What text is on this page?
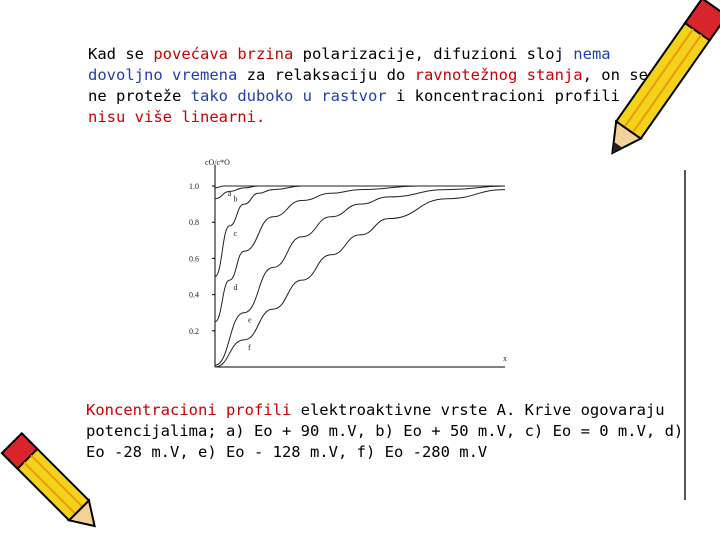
Kad se povećava brzina polarizacije, difuzioni sloj nema dovoljno vremena za relaksaciju do ravnotežnog stanja, on se ne proteže tako duboko u rastvor i koncentracioni profili nisu više linearni.

1.0
0.8
0.6
0.4
0.2
cO/c*O
x
a
b
c
d
e
f

Koncentracioni profili elektroaktivne vrste A. Krive ogovaraju potencijalima; a) Eo + 90 m.V, b) Eo + 50 m.V, c) Eo = 0 m.V, d) Eo -28 m.V, e) Eo - 128 m.V, f) Eo -280 m.V
